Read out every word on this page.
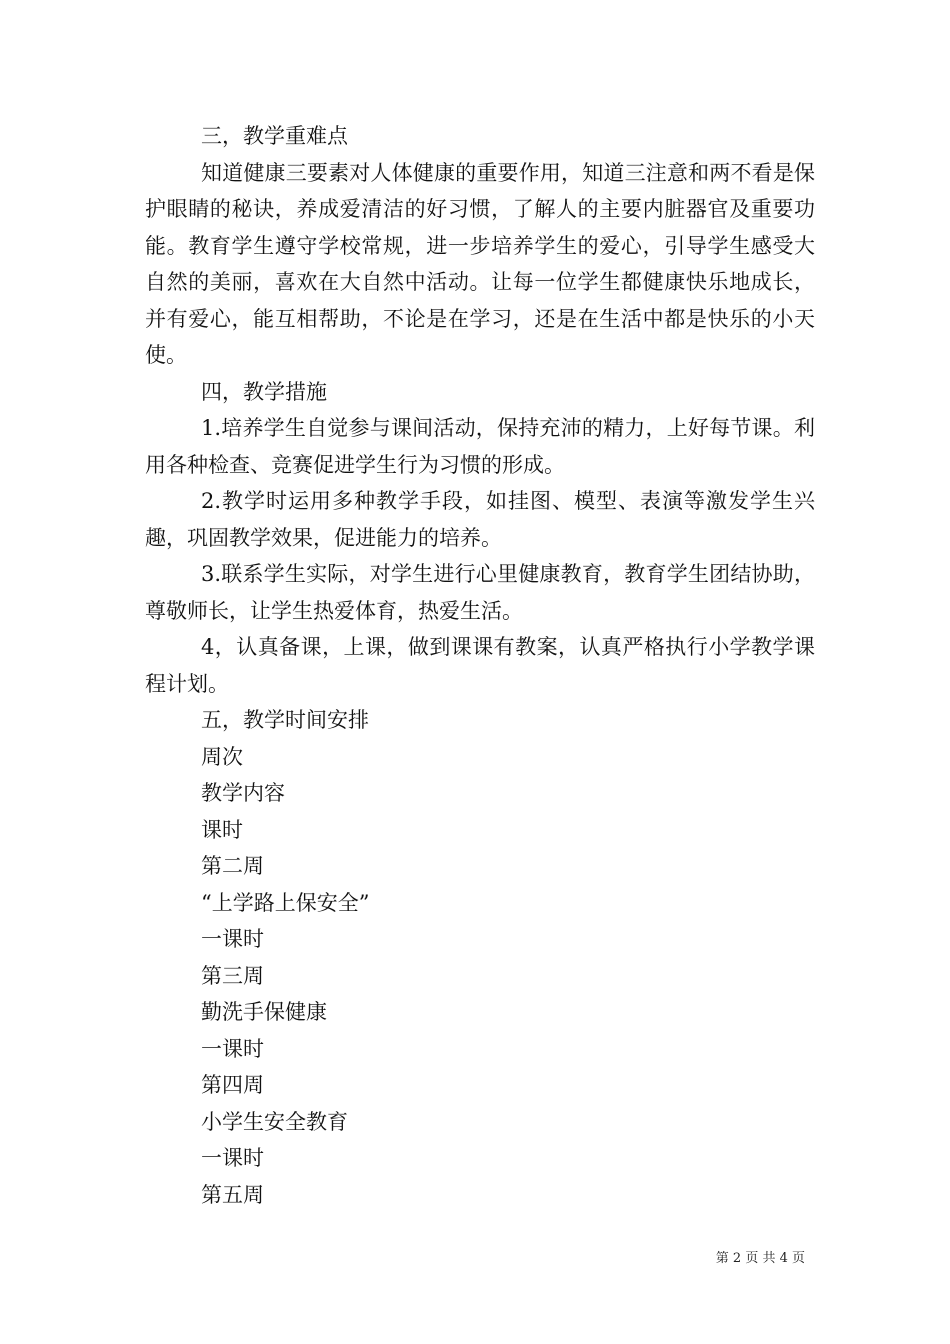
三，教学重难点

知道健康三要素对人体健康的重要作用，知道三注意和两不看是保护眼睛的秘诀，养成爱清洁的好习惯，了解人的主要内脏器官及重要功能。教育学生遵守学校常规，进一步培养学生的爱心，引导学生感受大自然的美丽，喜欢在大自然中活动。让每一位学生都健康快乐地成长，并有爱心，能互相帮助，不论是在学习，还是在生活中都是快乐的小天使。

四，教学措施

1.培养学生自觉参与课间活动，保持充沛的精力，上好每节课。利用各种检查、竞赛促进学生行为习惯的形成。

2.教学时运用多种教学手段，如挂图、模型、表演等激发学生兴趣，巩固教学效果，促进能力的培养。

3.联系学生实际，对学生进行心里健康教育，教育学生团结协助，尊敬师长，让学生热爱体育，热爱生活。

4，认真备课，上课，做到课课有教案，认真严格执行小学教学课程计划。

五，教学时间安排

周次

教学内容

课时

第二周

“上学路上保安全”

一课时

第三周

勤洗手保健康

一课时

第四周

小学生安全教育

一课时

第五周

第 2 页 共 4 页
